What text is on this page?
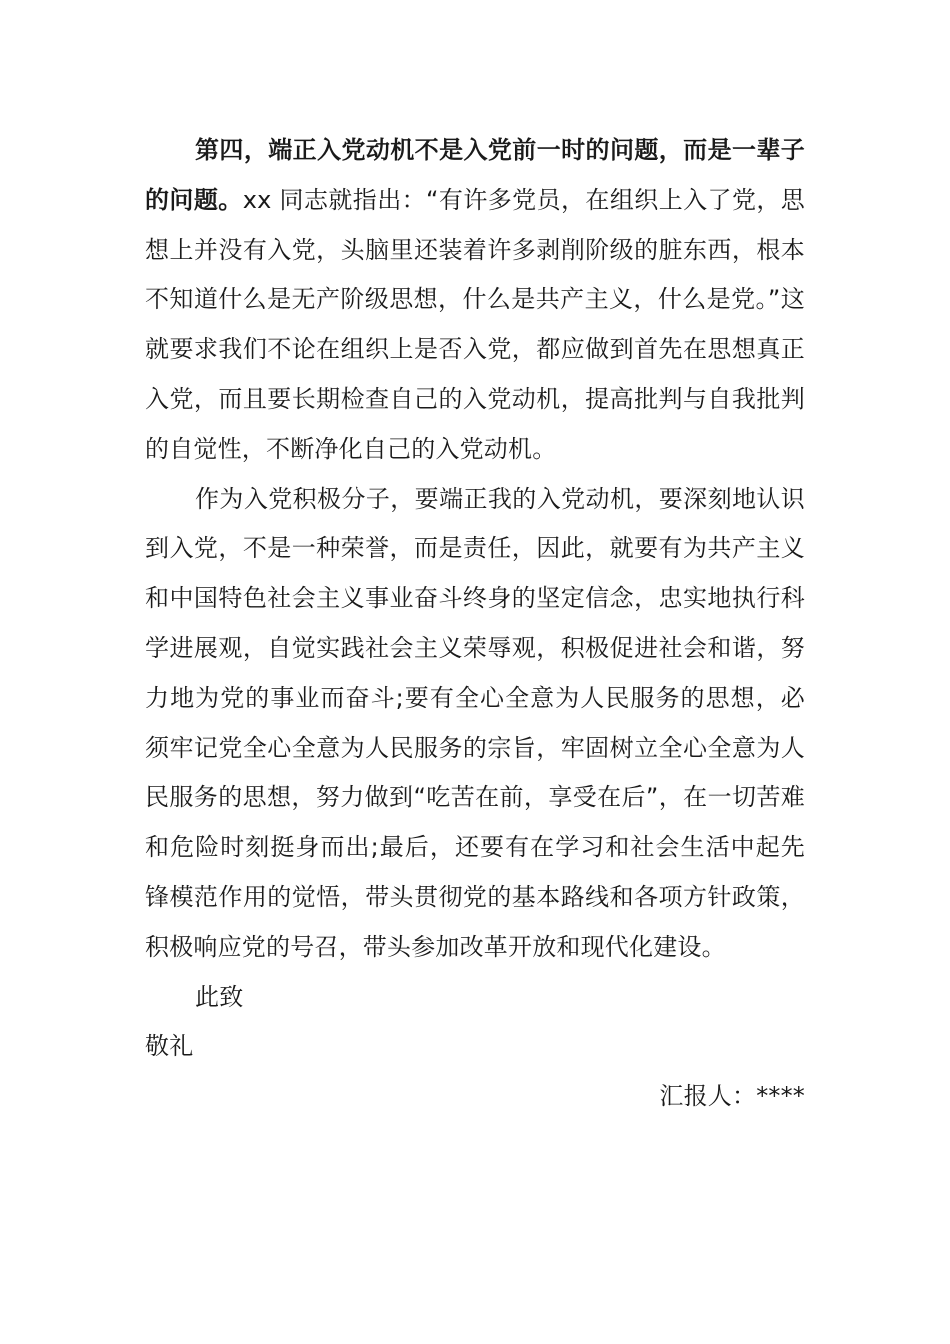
第四，端正入党动机不是入党前一时的问题，而是一辈子的问题。xx 同志就指出：“有许多党员，在组织上入了党，思想上并没有入党，头脑里还装着许多剥削阶级的脏东西，根本不知道什么是无产阶级思想，什么是共产主义，什么是党。”这就要求我们不论在组织上是否入党，都应做到首先在思想真正入党，而且要长期检查自己的入党动机，提高批判与自我批判的自觉性，不断净化自己的入党动机。

作为入党积极分子，要端正我的入党动机，要深刻地认识到入党，不是一种荣誉，而是责任，因此，就要有为共产主义和中国特色社会主义事业奋斗终身的坚定信念，忠实地执行科学进展观，自觉实践社会主义荣辱观，积极促进社会和谐，努力地为党的事业而奋斗;要有全心全意为人民服务的思想，必须牢记党全心全意为人民服务的宗旨，牢固树立全心全意为人民服务的思想，努力做到“吃苦在前，享受在后”，在一切苦难和危险时刻挺身而出;最后，还要有在学习和社会生活中起先锋模范作用的觉悟，带头贯彻党的基本路线和各项方针政策，积极响应党的号召，带头参加改革开放和现代化建设。

此致

敬礼

汇报人：****
